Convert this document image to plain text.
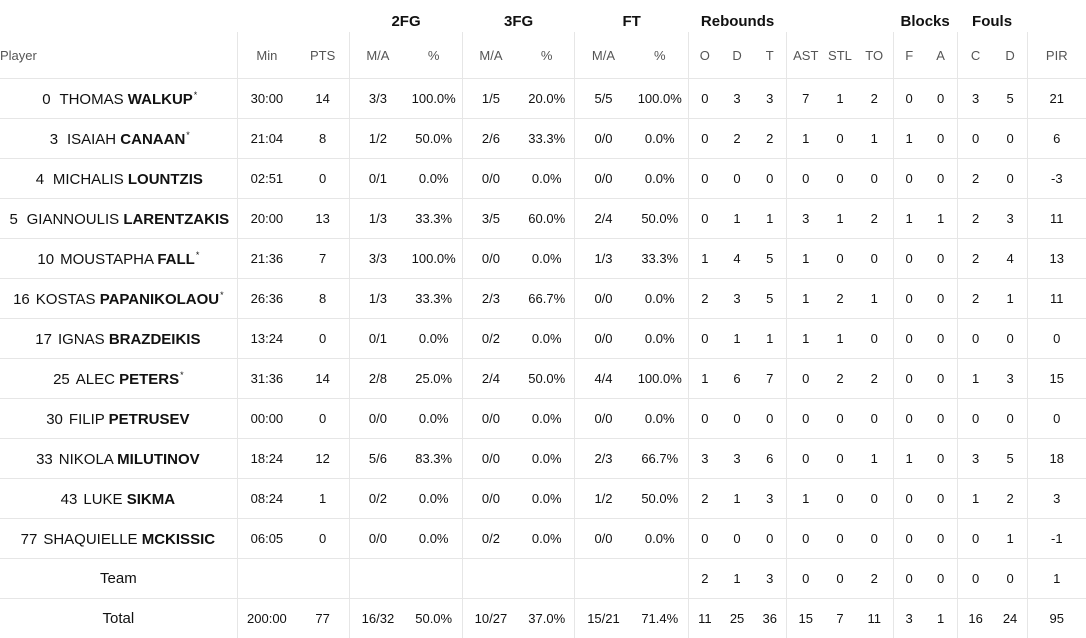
			2FG		3FG		FT		Rebounds						Blocks		Fouls		
Player	Min	PTS	M/A	%	M/A	%	M/A	%	O	D	T	AST	STL	TO	F	A	C	D	PIR
0 THOMAS WALKUP*	30:00	14	3/3	100.0%	1/5	20.0%	5/5	100.0%	0	3	3	7	1	2	0	0	3	5	21
3 ISAIAH CANAAN*	21:04	8	1/2	50.0%	2/6	33.3%	0/0	0.0%	0	2	2	1	0	1	1	0	0	0	6
4 MICHALIS LOUNTZIS	02:51	0	0/1	0.0%	0/0	0.0%	0/0	0.0%	0	0	0	0	0	0	0	0	2	0	-3
5 GIANNOULIS LARENTZAKIS	20:00	13	1/3	33.3%	3/5	60.0%	2/4	50.0%	0	1	1	3	1	2	1	1	2	3	11
10 MOUSTAPHA FALL*	21:36	7	3/3	100.0%	0/0	0.0%	1/3	33.3%	1	4	5	1	0	0	0	0	2	4	13
16 KOSTAS PAPANIKOLAOU*	26:36	8	1/3	33.3%	2/3	66.7%	0/0	0.0%	2	3	5	1	2	1	0	0	2	1	11
17 IGNAS BRAZDEIKIS	13:24	0	0/1	0.0%	0/2	0.0%	0/0	0.0%	0	1	1	1	1	0	0	0	0	0	0
25 ALEC PETERS*	31:36	14	2/8	25.0%	2/4	50.0%	4/4	100.0%	1	6	7	0	2	2	0	0	1	3	15
30 FILIP PETRUSEV	00:00	0	0/0	0.0%	0/0	0.0%	0/0	0.0%	0	0	0	0	0	0	0	0	0	0	0
33 NIKOLA MILUTINOV	18:24	12	5/6	83.3%	0/0	0.0%	2/3	66.7%	3	3	6	0	0	1	1	0	3	5	18
43 LUKE SIKMA	08:24	1	0/2	0.0%	0/0	0.0%	1/2	50.0%	2	1	3	1	0	0	0	0	1	2	3
77 SHAQUIELLE MCKISSIC	06:05	0	0/0	0.0%	0/2	0.0%	0/0	0.0%	0	0	0	0	0	0	0	0	0	1	-1
Team									2	1	3	0	0	2	0	0	0	0	1
Total	200:00	77	16/32	50.0%	10/27	37.0%	15/21	71.4%	11	25	36	15	7	11	3	1	16	24	95
